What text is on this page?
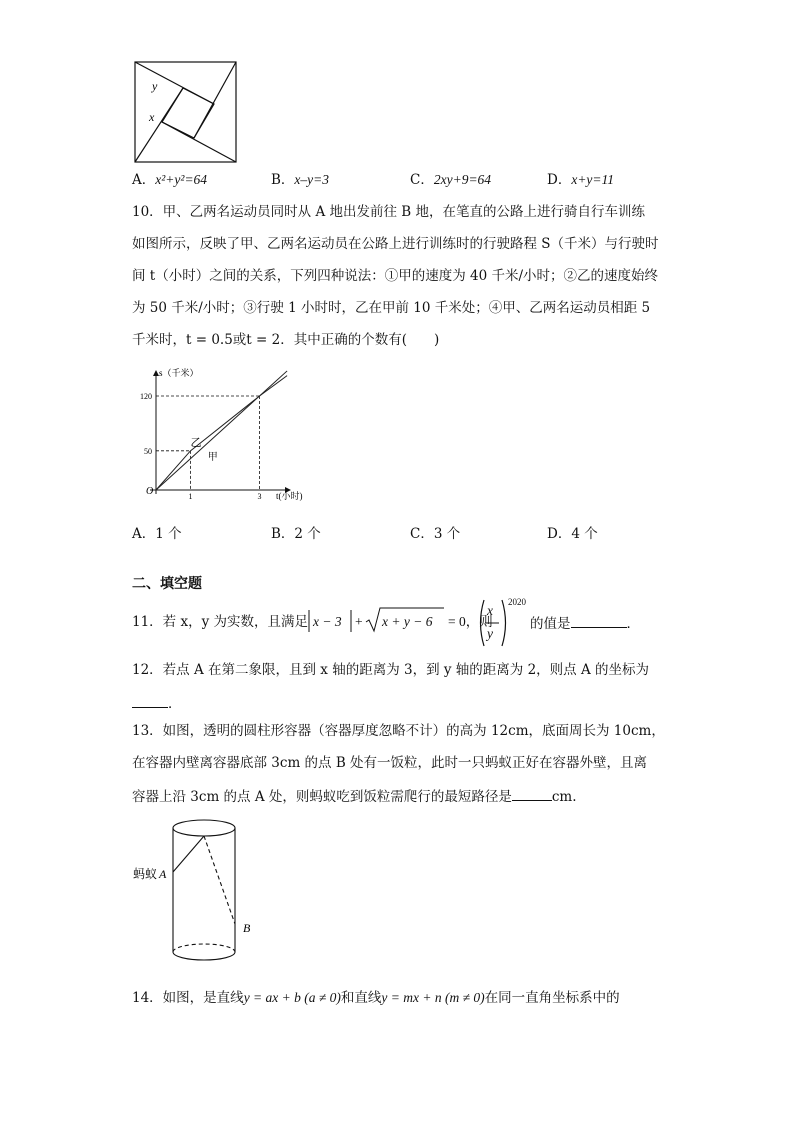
y
x
A．x²+y²=64	B．x–y=3	C．2xy+9=64	D．x+y=11
10．甲、乙两名运动员同时从 A 地出发前往 B 地，在笔直的公路上进行骑自行车训练
如图所示，反映了甲、乙两名运动员在公路上进行训练时的行驶路程 S（千米）与行驶时
间 t（小时）之间的关系，下列四种说法：①甲的速度为 40 千米/小时；②乙的速度始终
为 50 千米/小时；③行驶 1 小时时，乙在甲前 10 千米处；④甲、乙两名运动员相距 5
千米时，t = 0.5或t = 2．其中正确的个数有(　　)
s（千米）
t(小时)
O
50
120
1	3
乙
甲
A．1 个	B．2 个	C．3 个	D．4 个
二、填空题
11．若 x，y 为实数，且满足 x − 3 + x + y − 6 = 0，则
x
y
2020
的值是	．
12．若点 A 在第二象限，且到 x 轴的距离为 3，到 y 轴的距离为 2，则点 A 的坐标为
．
13．如图，透明的圆柱形容器（容器厚度忽略不计）的高为 12cm，底面周长为 10cm，
在容器内壁离容器底部 3cm 的点 B 处有一饭粒，此时一只蚂蚁正好在容器外壁，且离
容器上沿 3cm 的点 A 处，则蚂蚁吃到饭粒需爬行的最短路径是	cm.
蚂蚁 A
B
14．如图，是直线y = ax + b (a ≠ 0)和直线y = mx + n (m ≠ 0)在同一直角坐标系中的
